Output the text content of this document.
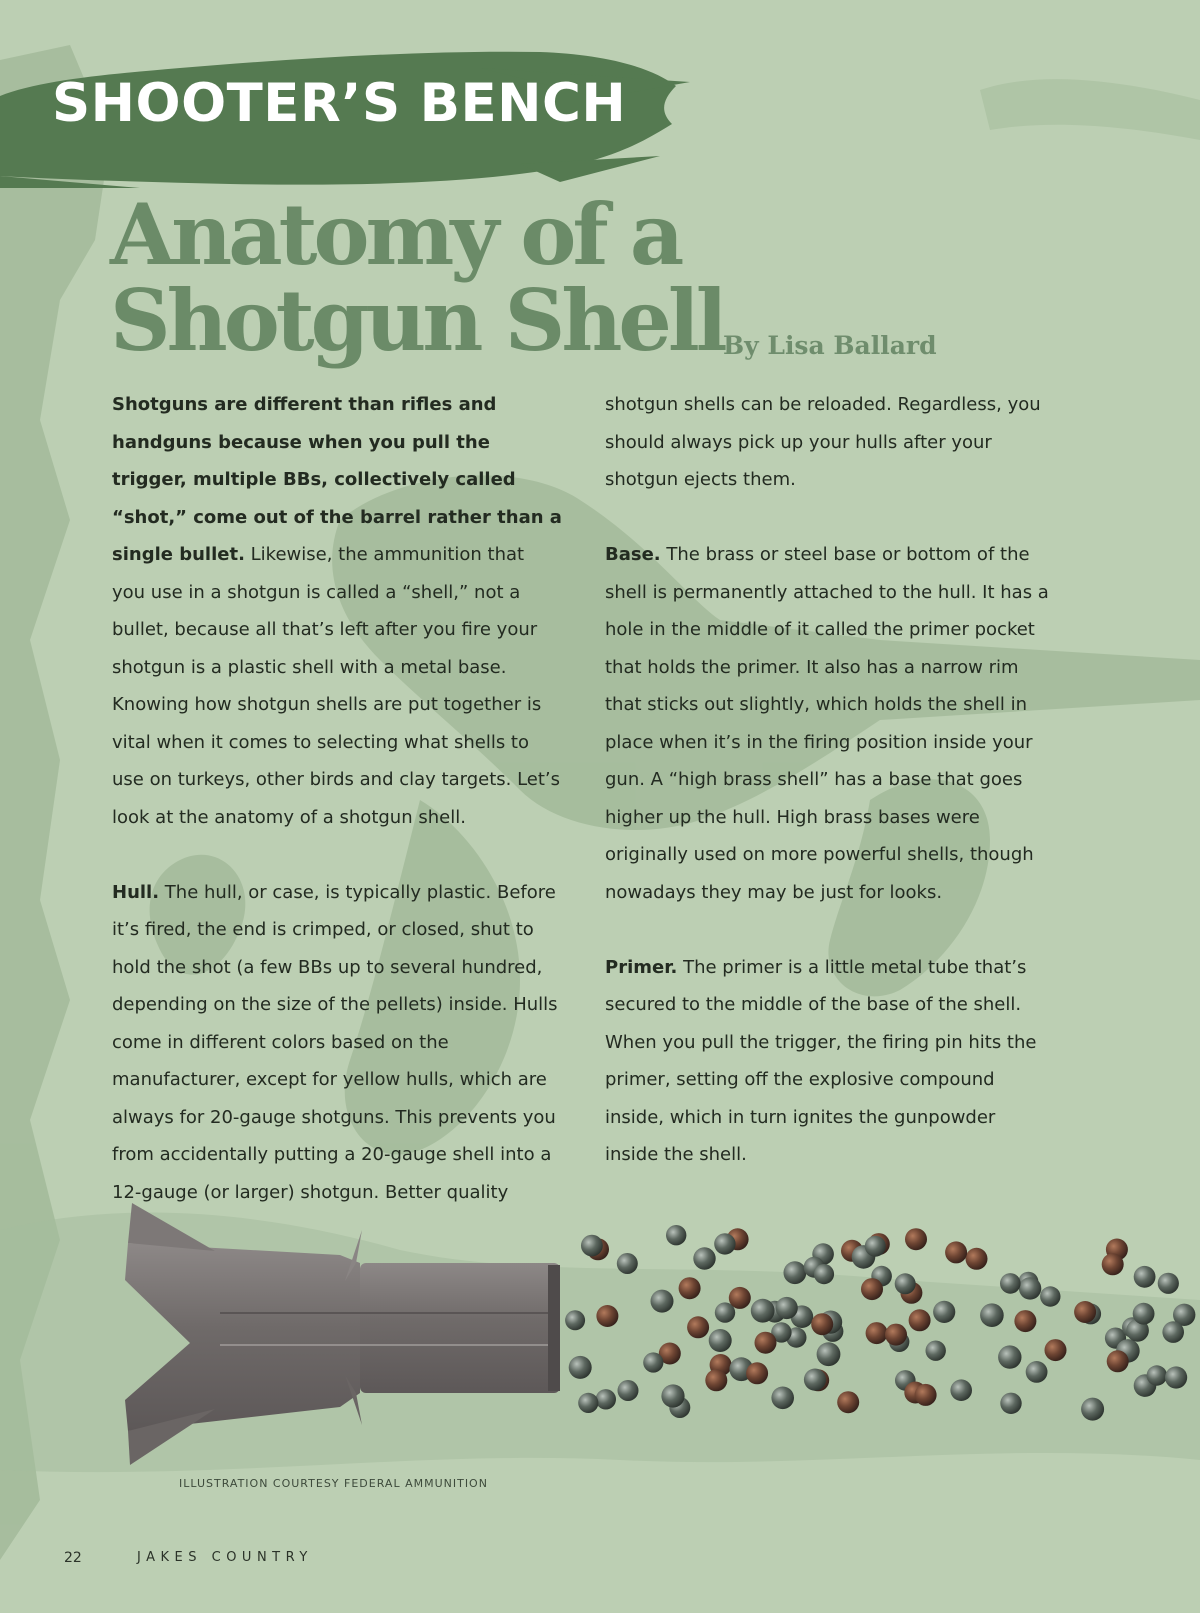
SHOOTER’S BENCH
Anatomy of a
Shotgun Shell By Lisa Ballard

Shotguns are different than rifles and handguns because when you pull the trigger, multiple BBs, collectively called “shot,” come out of the barrel rather than a single bullet. Likewise, the ammunition that you use in a shotgun is called a “shell,” not a bullet, because all that’s left after you fire your shotgun is a plastic shell with a metal base. Knowing how shotgun shells are put together is vital when it comes to selecting what shells to use on turkeys, other birds and clay targets. Let’s look at the anatomy of a shotgun shell.

Hull. The hull, or case, is typically plastic. Before it’s fired, the end is crimped, or closed, shut to hold the shot (a few BBs up to several hundred, depending on the size of the pellets) inside. Hulls come in different colors based on the manufacturer, except for yellow hulls, which are always for 20-gauge shotguns. This prevents you from accidentally putting a 20-gauge shell into a 12-gauge (or larger) shotgun. Better quality

shotgun shells can be reloaded. Regardless, you should always pick up your hulls after your shotgun ejects them.

Base. The brass or steel base or bottom of the shell is permanently attached to the hull. It has a hole in the middle of it called the primer pocket that holds the primer. It also has a narrow rim that sticks out slightly, which holds the shell in place when it’s in the firing position inside your gun. A “high brass shell” has a base that goes higher up the hull. High brass bases were originally used on more powerful shells, though nowadays they may be just for looks.

Primer. The primer is a little metal tube that’s secured to the middle of the base of the shell. When you pull the trigger, the firing pin hits the primer, setting off the explosive compound inside, which in turn ignites the gunpowder inside the shell.

ILLUSTRATION COURTESY FEDERAL AMMUNITION
22	JAKES COUNTRY
